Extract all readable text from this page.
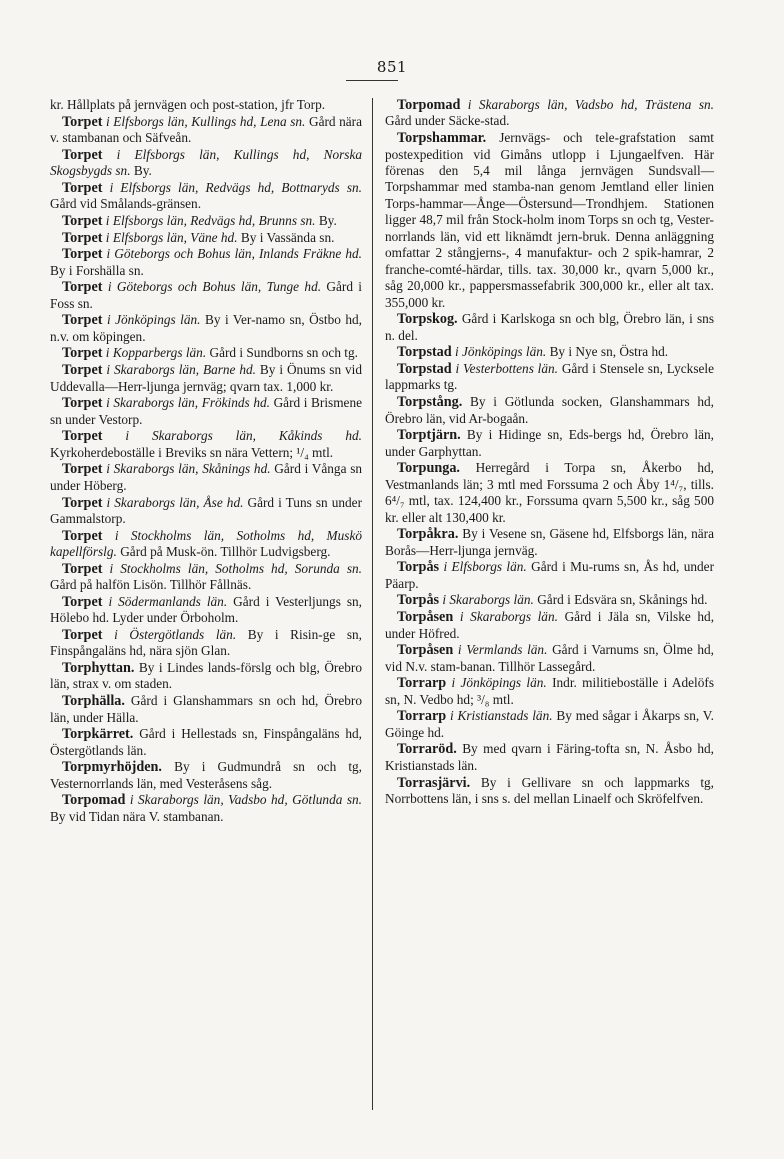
851

kr. Hållplats på jernvägen och post-station, jfr Torp.

Torpet i Elfsborgs län, Kullings hd, Lena sn. Gård nära v. stambanan och Säfveån.

Torpet i Elfsborgs län, Kullings hd, Norska Skogsbygds sn. By.

Torpet i Elfsborgs län, Redvägs hd, Bottnaryds sn. Gård vid Smålands-gränsen.

Torpet i Elfsborgs län, Redvägs hd, Brunns sn. By.

Torpet i Elfsborgs län, Väne hd. By i Vassända sn.

Torpet i Göteborgs och Bohus län, Inlands Fräkne hd. By i Forshälla sn.

Torpet i Göteborgs och Bohus län, Tunge hd. Gård i Foss sn.

Torpet i Jönköpings län. By i Ver-namo sn, Östbo hd, n.v. om köpingen.

Torpet i Kopparbergs län. Gård i Sundborns sn och tg.

Torpet i Skaraborgs län, Barne hd. By i Önums sn vid Uddevalla—Herr-ljunga jernväg; qvarn tax. 1,000 kr.

Torpet i Skaraborgs län, Frökinds hd. Gård i Brismene sn under Vestorp.

Torpet i Skaraborgs län, Kåkinds hd. Kyrkoherdeboställe i Breviks sn nära Vettern; ¹/₄ mtl.

Torpet i Skaraborgs län, Skånings hd. Gård i Vånga sn under Höberg.

Torpet i Skaraborgs län, Åse hd. Gård i Tuns sn under Gammalstorp.

Torpet i Stockholms län, Sotholms hd, Muskö kapellförslg. Gård på Musk-ön. Tillhör Ludvigsberg.

Torpet i Stockholms län, Sotholms hd, Sorunda sn. Gård på halfön Lisön. Tillhör Fållnäs.

Torpet i Södermanlands län. Gård i Vesterljungs sn, Hölebo hd. Lyder under Örboholm.

Torpet i Östergötlands län. By i Risin-ge sn, Finspångaläns hd, nära sjön Glan.

Torphyttan. By i Lindes lands-förslg och blg, Örebro län, strax v. om staden.

Torphälla. Gård i Glanshammars sn och hd, Örebro län, under Hälla.

Torpkärret. Gård i Hellestads sn, Finspångaläns hd, Östergötlands län.

Torpmyrhöjden. By i Gudmundrå sn och tg, Vesternorrlands län, med Vesteråsens såg.

Torpomad i Skaraborgs län, Vadsbo hd, Götlunda sn. By vid Tidan nära V. stambanan.

Torpomad i Skaraborgs län, Vadsbo hd, Trästena sn. Gård under Säcke-stad.

Torpshammar. Jernvägs- och tele-grafstation samt postexpedition vid Gimåns utlopp i Ljungaelfven. Här förenas den 5,4 mil långa jernvägen Sundsvall—Torpshammar med stamba-nan genom Jemtland eller linien Torps-hammar—Ånge—Östersund—Trondhjem. Stationen ligger 48,7 mil från Stock-holm inom Torps sn och tg, Vester-norrlands län, vid ett liknämdt jern-bruk. Denna anläggning omfattar 2 stångjerns-, 4 manufaktur- och 2 spik-hamrar, 2 franche-comté-härdar, tills. tax. 30,000 kr., qvarn 5,000 kr., såg 20,000 kr., pappersmassefabrik 300,000 kr., eller alt tax. 355,000 kr.

Torpskog. Gård i Karlskoga sn och blg, Örebro län, i sns n. del.

Torpstad i Jönköpings län. By i Nye sn, Östra hd.

Torpstad i Vesterbottens län. Gård i Stensele sn, Lycksele lappmarks tg.

Torpstång. By i Götlunda socken, Glanshammars hd, Örebro län, vid Ar-bogaån.

Torptjärn. By i Hidinge sn, Eds-bergs hd, Örebro län, under Garphyttan.

Torpunga. Herregård i Torpa sn, Åkerbo hd, Vestmanlands län; 3 mtl med Forssuma 2 och Åby 1⁴/₇, tills. 6⁴/₇ mtl, tax. 124,400 kr., Forssuma qvarn 5,500 kr., såg 500 kr. eller alt 130,400 kr.

Torpåkra. By i Vesene sn, Gäsene hd, Elfsborgs län, nära Borås—Herr-ljunga jernväg.

Torpås i Elfsborgs län. Gård i Mu-rums sn, Ås hd, under Päarp.

Torpås i Skaraborgs län. Gård i Edsvära sn, Skånings hd.

Torpåsen i Skaraborgs län. Gård i Jäla sn, Vilske hd, under Höfred.

Torpåsen i Vermlands län. Gård i Varnums sn, Ölme hd, vid N.v. stam-banan. Tillhör Lassegård.

Torrarp i Jönköpings län. Indr. militieboställe i Adelöfs sn, N. Vedbo hd; ³/₈ mtl.

Torrarp i Kristianstads län. By med sågar i Åkarps sn, V. Göinge hd.

Torraröd. By med qvarn i Färing-tofta sn, N. Åsbo hd, Kristianstads län.

Torrasjärvi. By i Gellivare sn och lappmarks tg, Norrbottens län, i sns s. del mellan Linaelf och Skröfelfven.
